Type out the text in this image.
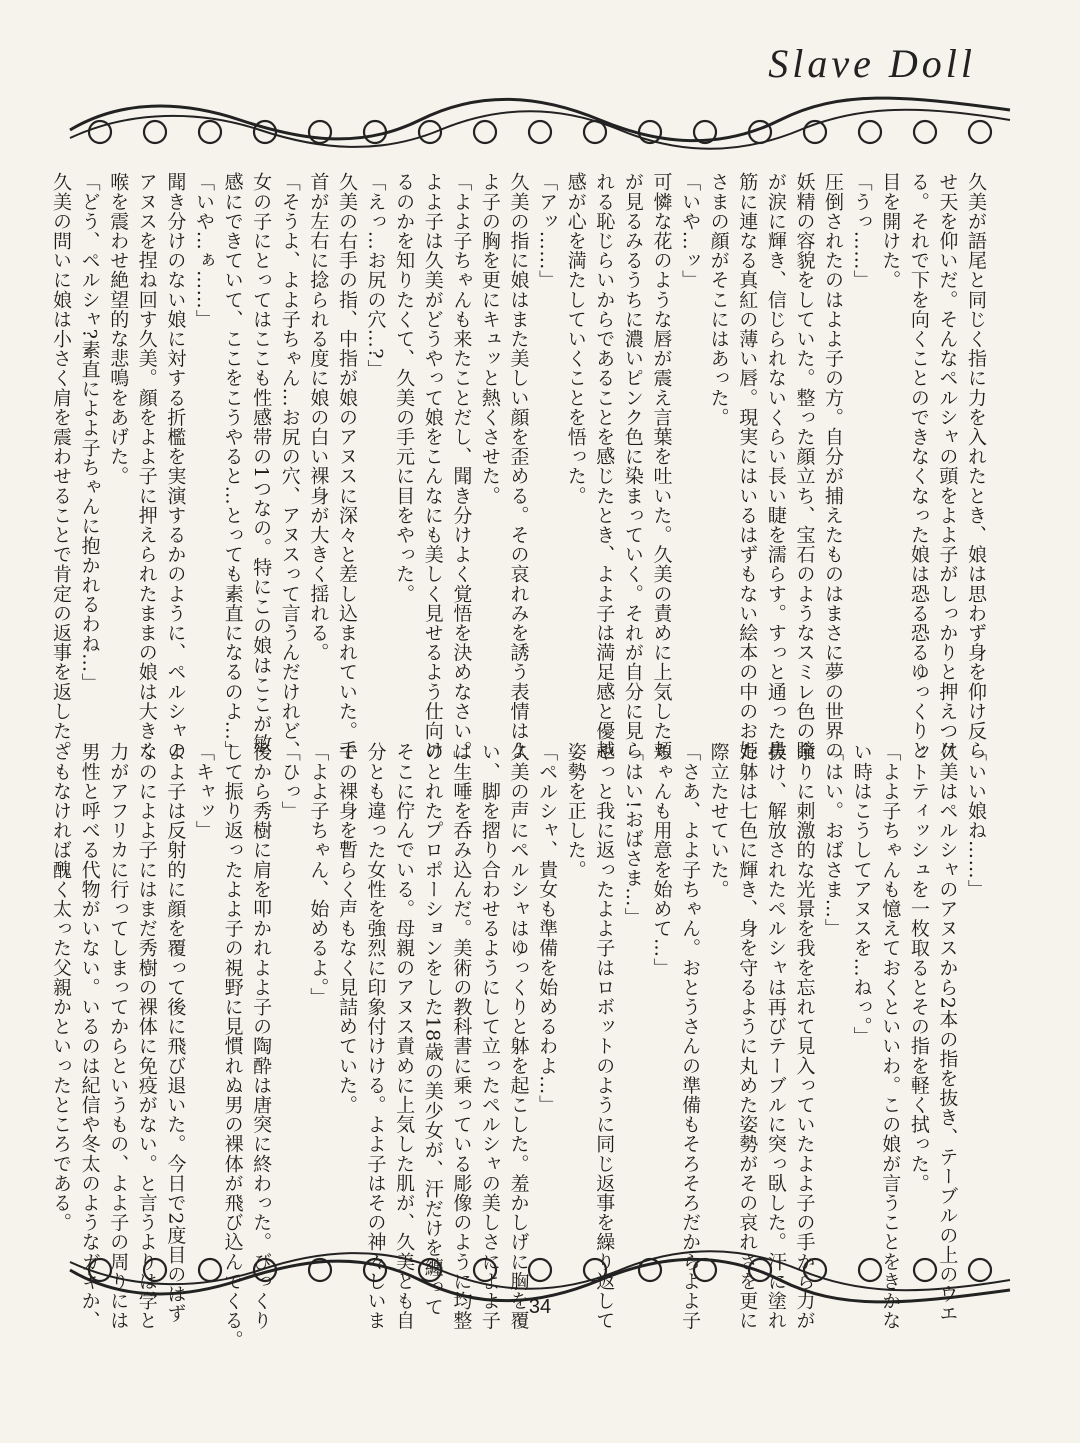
Slave Doll
久美が語尾と同じく指に力を入れたとき、娘は思わず身を仰け反ら
せ天を仰いだ。そんなペルシャの頭をよよ子がしっかりと押えつけ
る。それで下を向くことのできなくなった娘は恐る恐るゆっくりと
目を開けた。
「うっ……」
圧倒されたのはよよ子の方。自分が捕えたものはまさに夢の世界の
妖精の容貌をしていた。整った顔立ち、宝石のようなスミレ色の瞳
が涙に輝き、信じられないくらい長い睫を濡らす。すっと通った鼻
筋に連なる真紅の薄い唇。現実にはいるはずもない絵本の中のお姫
さまの顔がそこにはあった。
「いや…ッ」
可憐な花のような唇が震え言葉を吐いた。久美の責めに上気した頬
が見るみるうちに濃いピンク色に染まっていく。それが自分に見ら
れる恥じらいからであることを感じたとき、よよ子は満足感と優越
感が心を満たしていくことを悟った。
「アッ……」
久美の指に娘はまた美しい顔を歪める。その哀れみを誘う表情はよ
よ子の胸を更にキュッと熱くさせた。
「よよ子ちゃんも来たことだし、聞き分けよく覚悟を決めなさい。」
よよ子は久美がどうやって娘をこんなにも美しく見せるよう仕向け
るのかを知りたくて、久美の手元に目をやった。
「えっ…お尻の穴…?」
久美の右手の指、中指が娘のアヌスに深々と差し込まれていた。手
首が左右に捻られる度に娘の白い裸身が大きく揺れる。
「そうよ、よよ子ちゃん…お尻の穴、アヌスって言うんだけれど、
女の子にとってはここも性感帯の1つなの。特にこの娘はここが敏
感にできていて、ここをこうやると…とっても素直になるのよ…」
「いや…ぁ……」
聞き分けのない娘に対する折檻を実演するかのように、ペルシャの
アヌスを捏ね回す久美。顔をよよ子に押えられたままの娘は大きく
喉を震わせ絶望的な悲鳴をあげた。
「どう、ペルシャ?素直によよ子ちゃんに抱かれるわね…」
久美の問いに娘は小さく肩を震わせることで肯定の返事を返した。
「いい娘ね……」
久美はペルシャのアヌスから2本の指を抜き、テーブルの上のウエ
ットティッシュを一枚取るとその指を軽く拭った。
「よよ子ちゃんも憶えておくといいわ。この娘が言うことをきかな
い時はこうしてアヌスを…ねっ。」
「はい。おばさま…」
余りに刺激的な光景を我を忘れて見入っていたよよ子の手から力が
抜け、解放されたペルシャは再びテーブルに突っ臥した。汗に塗れ
た躰は七色に輝き、身を守るように丸めた姿勢がその哀れさを更に
際立たせていた。
「さあ、よよ子ちゃん。おとうさんの準備もそろそろだからよよ子
ちゃんも用意を始めて…」
「はい!おばさま…」
やっと我に返ったよよ子はロボットのように同じ返事を繰り返して
姿勢を正した。
「ペルシャ、貴女も準備を始めるわよ…」
久美の声にペルシャはゆっくりと躰を起こした。羞かしげに胸を覆
い、脚を摺り合わせるようにして立ったペルシャの美しさによよ子
は生唾を呑み込んだ。美術の教科書に乗っている彫像のように均整
のとれたプロポーションをした18歳の美少女が、汗だけを纏って
そこに佇んでいる。母親のアヌス責めに上気した肌が、久美とも自
分とも違った女性を強烈に印象付けける。よよ子はその神々しいま
での裸身を暫らく声もなく見詰めていた。
「よよ子ちゃん、始めるよ。」
「ひっ」
後から秀樹に肩を叩かれよよ子の陶酔は唐突に終わった。びっくり
して振り返ったよよ子の視野に見慣れぬ男の裸体が飛び込んでくる。
「キャッ」
よよ子は反射的に顔を覆って後に飛び退いた。今日で2度目のはず
なのによよ子にはまだ秀樹の裸体に免疫がない。と言うよりは学と
力がアフリカに行ってしまってからというもの、よよ子の周りには
男性と呼べる代物がいない。いるのは紀信や冬太のようなガキか、
さもなければ醜く太った父親かといったところである。
34
